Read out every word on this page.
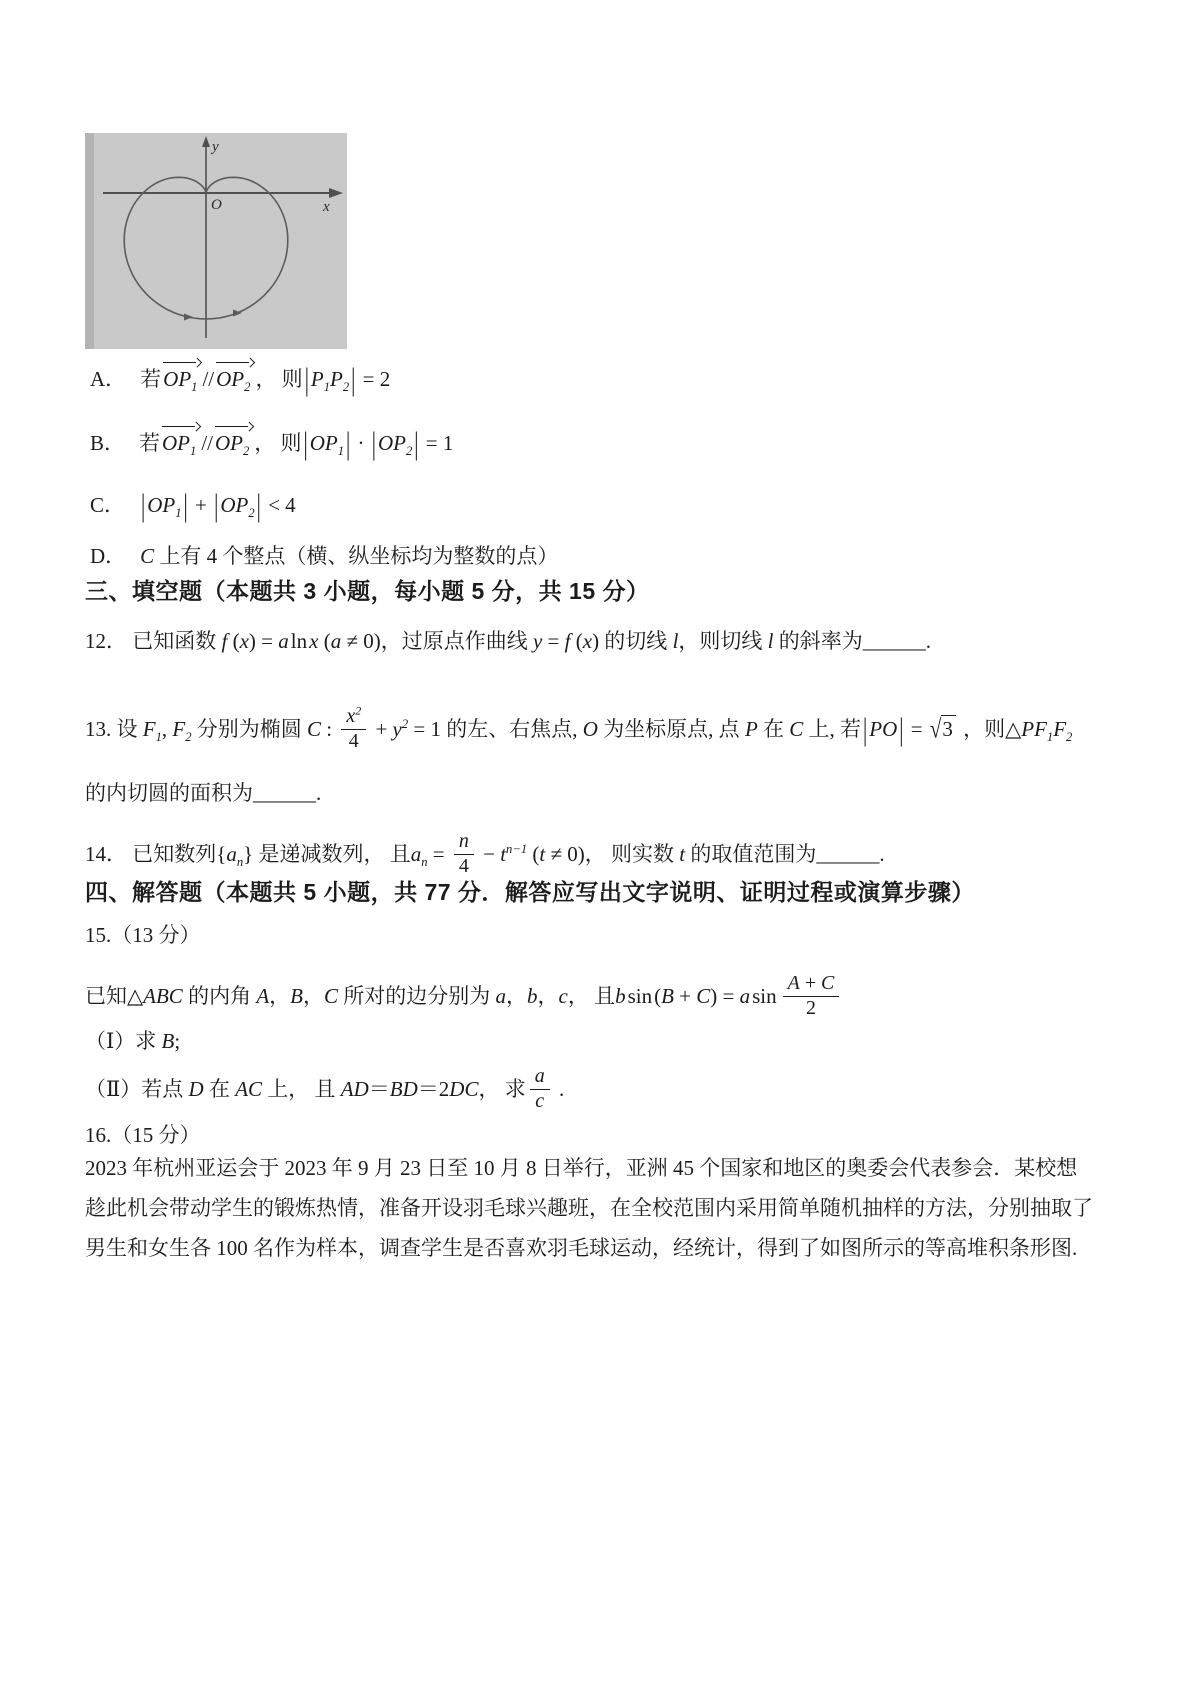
y
x
O
A． 若$OP_1$ $//OP_2$ ， 则$|P_1P_2| = 2$
B． 若$OP_1$ $//OP_2$ ， 则$|OP_1| \cdot |OP_2| = 1$
C． $|OP_1| + |OP_2| < 4$
D． C 上有 4 个整点（横、纵坐标均为整数的点）
三、填空题（本题共 3 小题，每小题 5 分，共 15 分）
12． 已知函数 f (x) = alnx (a ≠ 0)，过原点作曲线 y = f (x) 的切线 l，则切线 l 的斜率为______.
13. 设 $F_1$, $F_2$ 分别为椭圆 C : $\frac{x^2}{4} + y^2 = 1$ 的左、右焦点, O 为坐标原点, 点 P 在 C 上, 若|PO| = √3 ，则$\triangle PF_1F_2$
的内切圆的面积为______.
14． 已知数列$\{a_n\}$ 是递减数列， 且$a_n = \frac{n}{4} - t^{n-1}$ (t ≠ 0)， 则实数 t 的取值范围为______.
四、解答题（本题共 5 小题，共 77 分．解答应写出文字说明、证明过程或演算步骤）
15.（13 分）
已知△ABC 的内角 A，B，C 所对的边分别为 a，b，c， 且bsin(B + C) = asin $\frac{A + C}{2}$
（Ⅰ）求 B;
（Ⅱ）若点 D 在 AC 上， 且 AD＝BD＝2DC， 求 $\frac{a}{c}$ .
16.（15 分）
2023 年杭州亚运会于 2023 年 9 月 23 日至 10 月 8 日举行，亚洲 45 个国家和地区的奥委会代表参会．某校想
趁此机会带动学生的锻炼热情，准备开设羽毛球兴趣班，在全校范围内采用简单随机抽样的方法，分别抽取了
男生和女生各 100 名作为样本，调查学生是否喜欢羽毛球运动，经统计，得到了如图所示的等高堆积条形图.
